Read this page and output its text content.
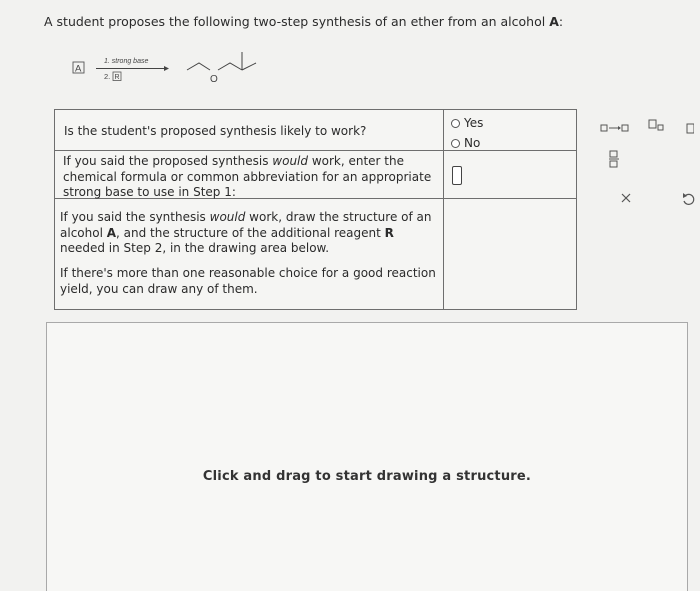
A student proposes the following two-step synthesis of an ether from an alcohol A:
A
1. strong base
2. R	O
Is the student's proposed synthesis likely to work?
If you said the proposed synthesis would work, enter the chemical formula or common abbreviation for an appropriate strong base to use in Step 1:
If you said the synthesis would work, draw the structure of an alcohol A, and the structure of the additional reagent R needed in Step 2, in the drawing area below.
If there's more than one reasonable choice for a good reaction yield, you can draw any of them.
Yes
No
Click and drag to start drawing a structure.
